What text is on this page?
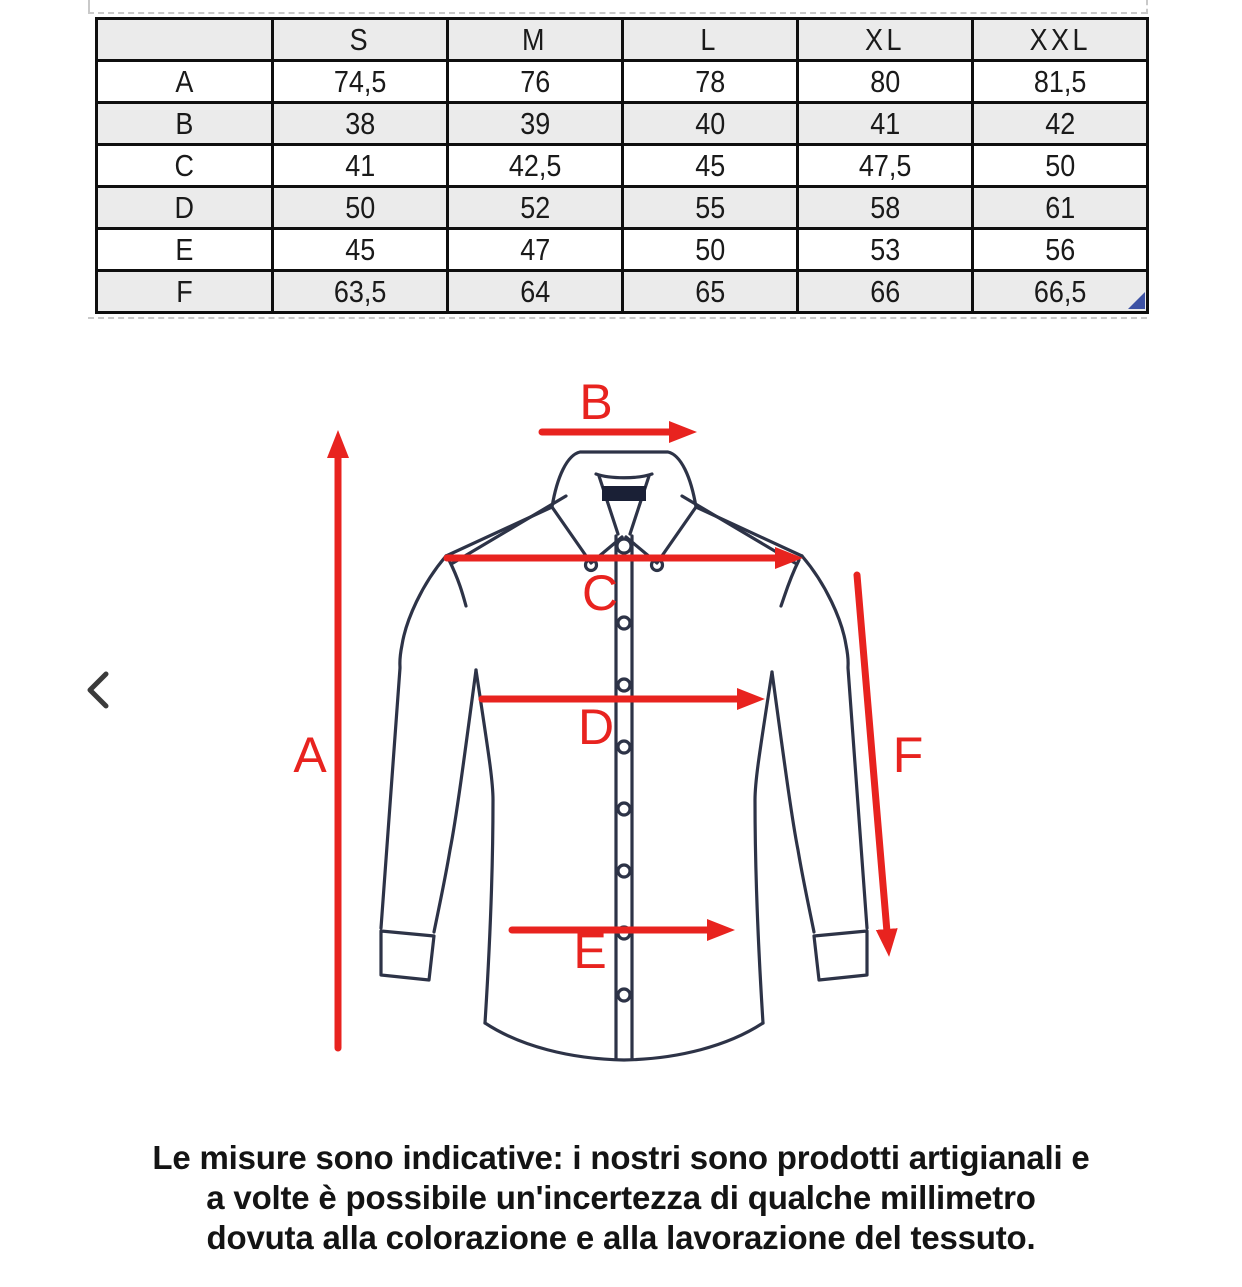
	S	M	L	XL	XXL
A	74,5	76	78	80	81,5
B	38	39	40	41	42
C	41	42,5	45	47,5	50
D	50	52	55	58	61
E	45	47	50	53	56
F	63,5	64	65	66	66,5
A
B
C
D
E
F
Le misure sono indicative: i nostri sono prodotti artigianali e
a volte è possibile un'incertezza di qualche millimetro
dovuta alla colorazione e alla lavorazione del tessuto.
